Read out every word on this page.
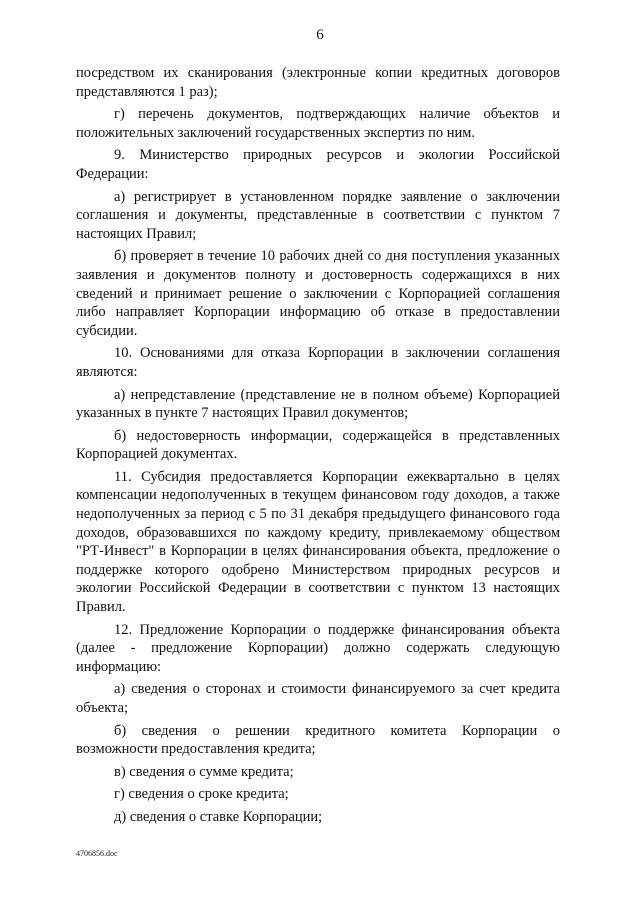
6

посредством их сканирования (электронные копии кредитных договоров представляются 1 раз);

г) перечень документов, подтверждающих наличие объектов и положительных заключений государственных экспертиз по ним.

9. Министерство природных ресурсов и экологии Российской Федерации:

а) регистрирует в установленном порядке заявление о заключении соглашения и документы, представленные в соответствии с пунктом 7 настоящих Правил;

б) проверяет в течение 10 рабочих дней со дня поступления указанных заявления и документов полноту и достоверность содержащихся в них сведений и принимает решение о заключении с Корпорацией соглашения либо направляет Корпорации информацию об отказе в предоставлении субсидии.

10. Основаниями для отказа Корпорации в заключении соглашения являются:

а) непредставление (представление не в полном объеме) Корпорацией указанных в пункте 7 настоящих Правил документов;

б) недостоверность информации, содержащейся в представленных Корпорацией документах.

11. Субсидия предоставляется Корпорации ежеквартально в целях компенсации недополученных в текущем финансовом году доходов, а также недополученных за период с 5 по 31 декабря предыдущего финансового года доходов, образовавшихся по каждому кредиту, привлекаемому обществом "РТ-Инвест" в Корпорации в целях финансирования объекта, предложение о поддержке которого одобрено Министерством природных ресурсов и экологии Российской Федерации в соответствии с пунктом 13 настоящих Правил.

12. Предложение Корпорации о поддержке финансирования объекта (далее - предложение Корпорации) должно содержать следующую информацию:

а) сведения о сторонах и стоимости финансируемого за счет кредита объекта;

б) сведения о решении кредитного комитета Корпорации о возможности предоставления кредита;

в) сведения о сумме кредита;

г) сведения о сроке кредита;

д) сведения о ставке Корпорации;

4706856.doc
